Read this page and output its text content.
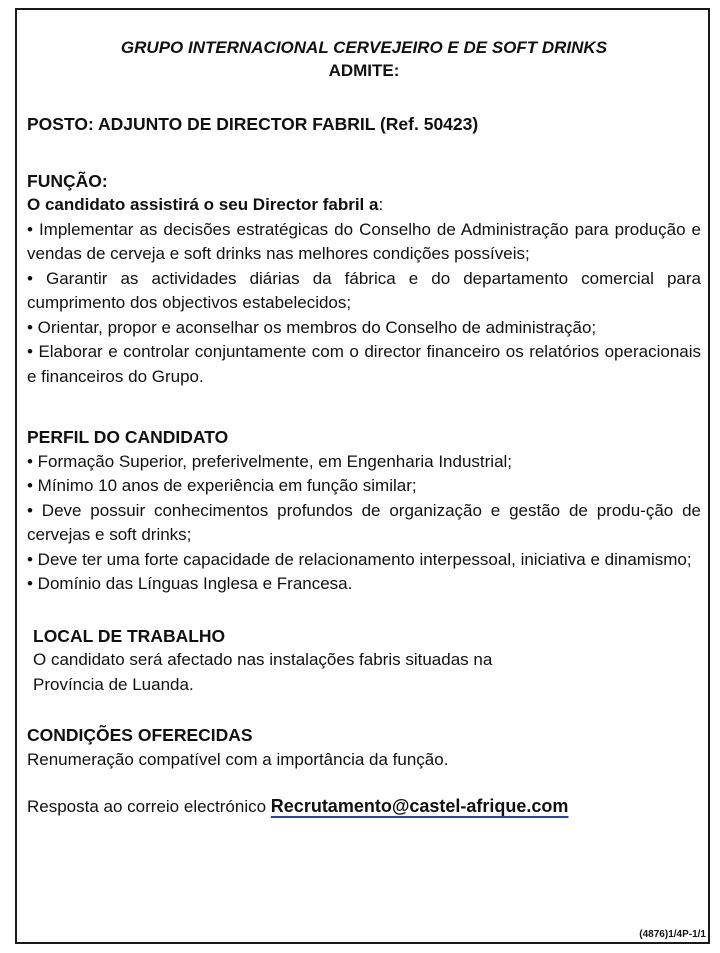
GRUPO INTERNACIONAL CERVEJEIRO E DE SOFT DRINKS
ADMITE:
POSTO: ADJUNTO DE DIRECTOR FABRIL (Ref. 50423)
FUNÇÃO:
O candidato assistirá o seu Director fabril a:
• Implementar as decisões estratégicas do Conselho de Administração para produção e vendas de cerveja e soft drinks nas melhores condições possíveis;
• Garantir as actividades diárias da fábrica e do departamento comercial para cumprimento dos objectivos estabelecidos;
• Orientar, propor e aconselhar os membros do Conselho de administração;
• Elaborar e controlar conjuntamente com o director financeiro os relatórios operacionais e financeiros do Grupo.
PERFIL DO CANDIDATO
• Formação Superior, preferivelmente, em Engenharia Industrial;
• Mínimo 10 anos de experiência em função similar;
• Deve possuir conhecimentos profundos de organização e gestão de produ-ção de cervejas e soft drinks;
• Deve ter uma forte capacidade de relacionamento interpessoal, iniciativa e dinamismo;
• Domínio das Línguas Inglesa e Francesa.
LOCAL DE TRABALHO
O candidato será afectado nas instalações fabris situadas na
Província de Luanda.
CONDIÇÕES OFERECIDAS
Renumeração compatível com a importância da função.
Resposta ao correio electrónico Recrutamento@castel-afrique.com
(4876)1/4P-1/1
